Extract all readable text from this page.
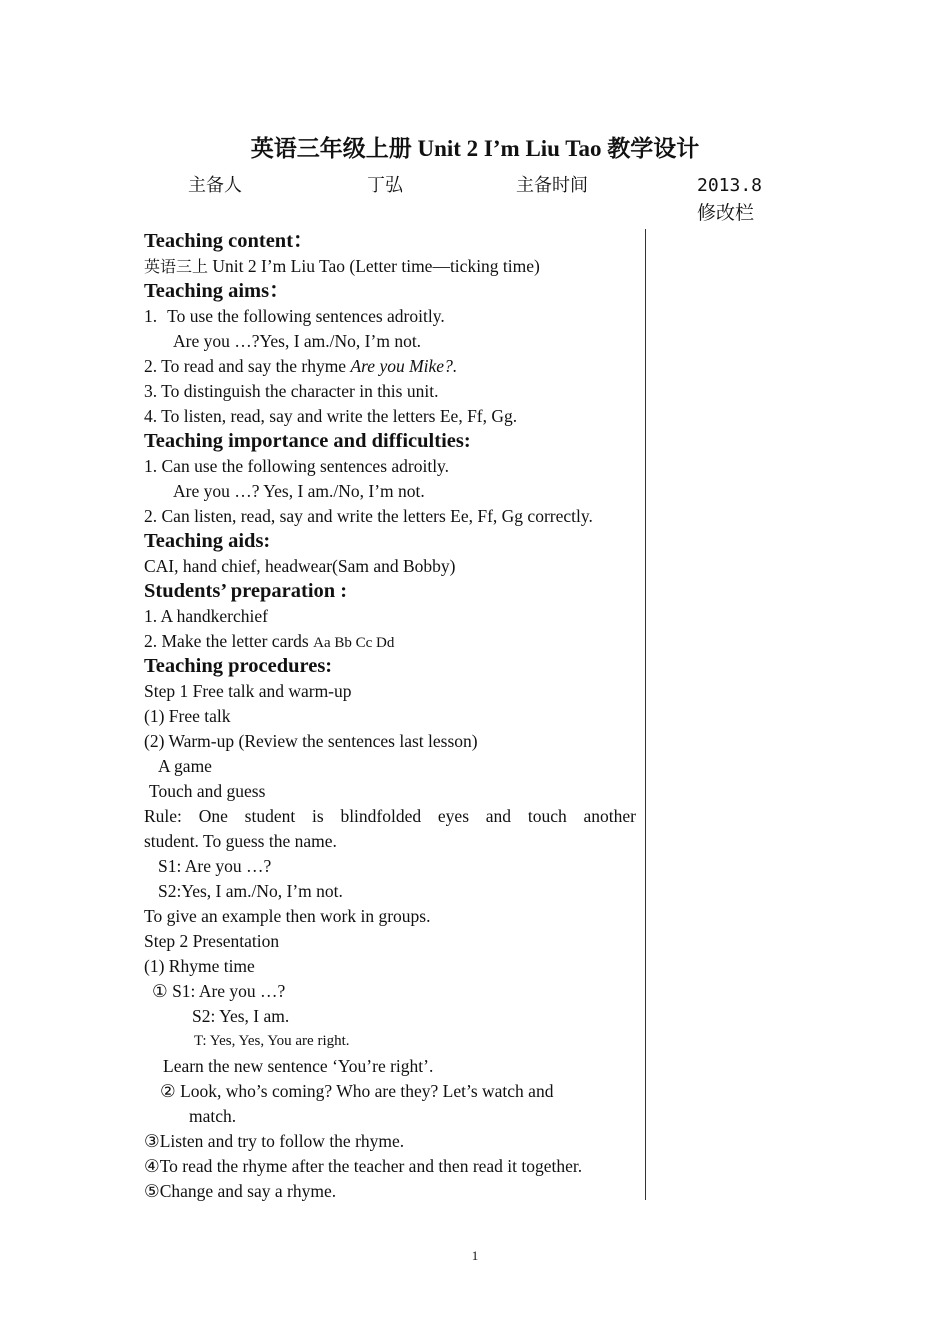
英语三年级上册 Unit 2 I’m Liu Tao 教学设计
主备人	丁弘	主备时间	2013.8
修改栏
Teaching content：
英语三上 Unit 2 I’m Liu Tao (Letter time—ticking time)
Teaching aims：
1. To use the following sentences adroitly.
Are you …?Yes, I am./No, I’m not.
2. To read and say the rhyme Are you Mike?.
3. To distinguish the character in this unit.
4. To listen, read, say and write the letters Ee, Ff, Gg.
Teaching importance and difficulties:
1. Can use the following sentences adroitly.
Are you …? Yes, I am./No, I’m not.
2. Can listen, read, say and write the letters Ee, Ff, Gg correctly.
Teaching aids:
CAI, hand chief, headwear(Sam and Bobby)
Students’ preparation :
1. A handkerchief
2. Make the letter cards Aa Bb Cc Dd
Teaching procedures:
Step 1 Free talk and warm-up
(1) Free talk
(2) Warm-up (Review the sentences last lesson)
A game
Touch and guess
Rule: One student is blindfolded eyes and touch another
student. To guess the name.
S1: Are you …?
S2:Yes, I am./No, I’m not.
To give an example then work in groups.
Step 2 Presentation
(1) Rhyme time
① S1: Are you …?
S2: Yes, I am.
T: Yes, Yes, You are right.
Learn the new sentence ‘You’re right’.
② Look, who’s coming? Who are they? Let’s watch and
match.
③Listen and try to follow the rhyme.
④To read the rhyme after the teacher and then read it together.
⑤Change and say a rhyme.
1
